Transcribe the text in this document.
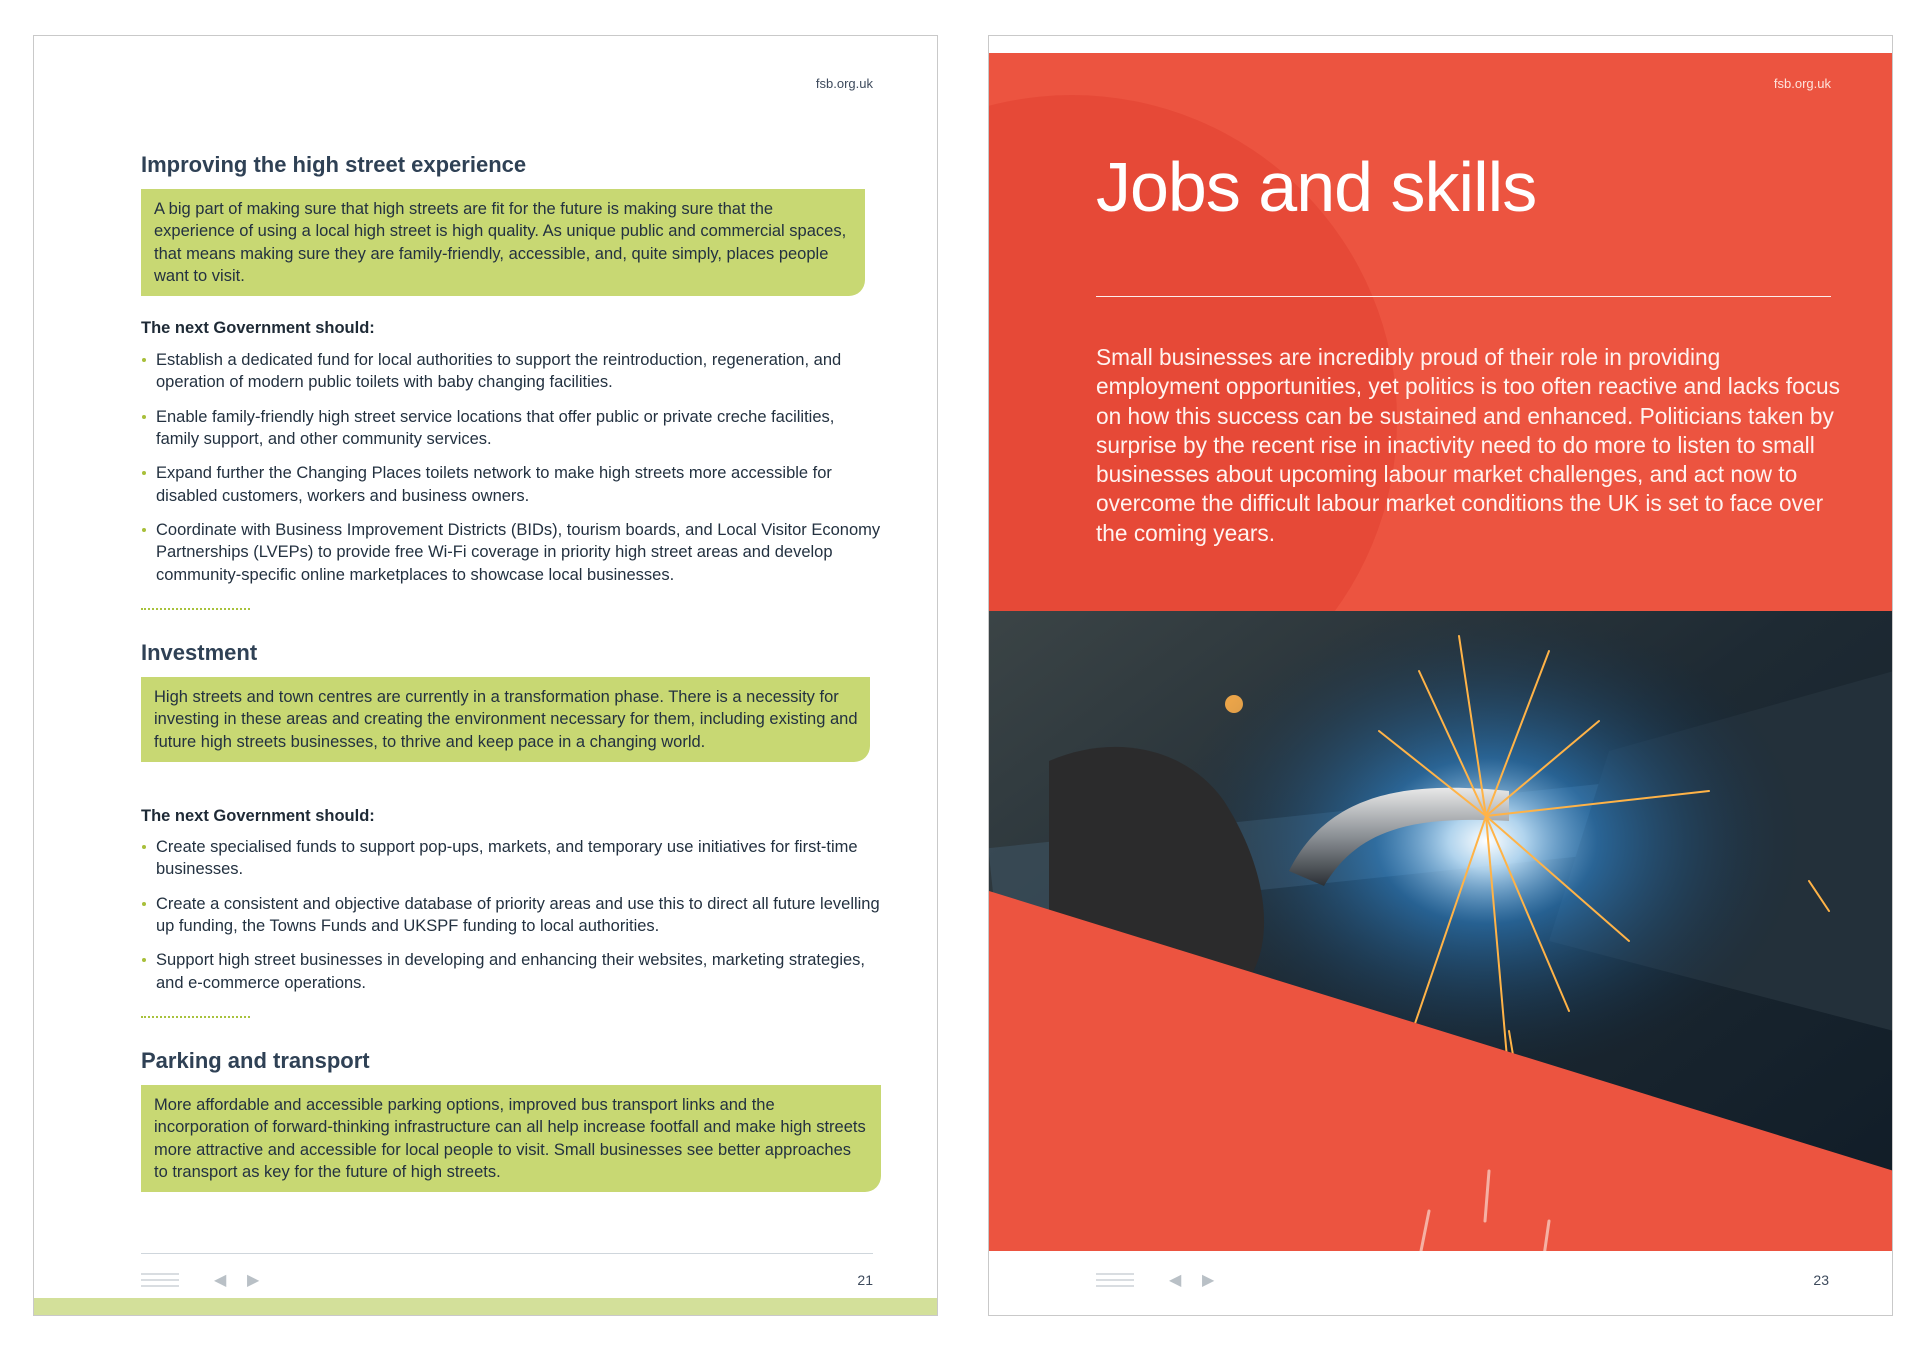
fsb.org.uk
Improving the high street experience
A big part of making sure that high streets are fit for the future is making sure that the experience of using a local high street is high quality. As unique public and commercial spaces, that means making sure they are family-friendly, accessible, and, quite simply, places people want to visit.
The next Government should:
Establish a dedicated fund for local authorities to support the reintroduction, regeneration, and operation of modern public toilets with baby changing facilities.
Enable family-friendly high street service locations that offer public or private creche facilities, family support, and other community services.
Expand further the Changing Places toilets network to make high streets more accessible for disabled customers, workers and business owners.
Coordinate with Business Improvement Districts (BIDs), tourism boards, and Local Visitor Economy Partnerships (LVEPs) to provide free Wi-Fi coverage in priority high street areas and develop community-specific online marketplaces to showcase local businesses.
Investment
High streets and town centres are currently in a transformation phase. There is a necessity for investing in these areas and creating the environment necessary for them, including existing and future high streets businesses, to thrive and keep pace in a changing world.
The next Government should:
Create specialised funds to support pop-ups, markets, and temporary use initiatives for first-time businesses.
Create a consistent and objective database of priority areas and use this to direct all future levelling up funding, the Towns Funds and UKSPF funding to local authorities.
Support high street businesses in developing and enhancing their websites, marketing strategies, and e-commerce operations.
Parking and transport
More affordable and accessible parking options, improved bus transport links and the incorporation of forward-thinking infrastructure can all help increase footfall and make high streets more attractive and accessible for local people to visit. Small businesses see better approaches to transport as key for the future of high streets.
◀ ▶	21
fsb.org.uk
Jobs and skills

Small businesses are incredibly proud of their role in providing employment opportunities, yet politics is too often reactive and lacks focus on how this success can be sustained and enhanced. Politicians taken by surprise by the recent rise in inactivity need to do more to listen to small businesses about upcoming labour market challenges, and act now to overcome the difficult labour market conditions the UK is set to face over the coming years.

◀ ▶	23
